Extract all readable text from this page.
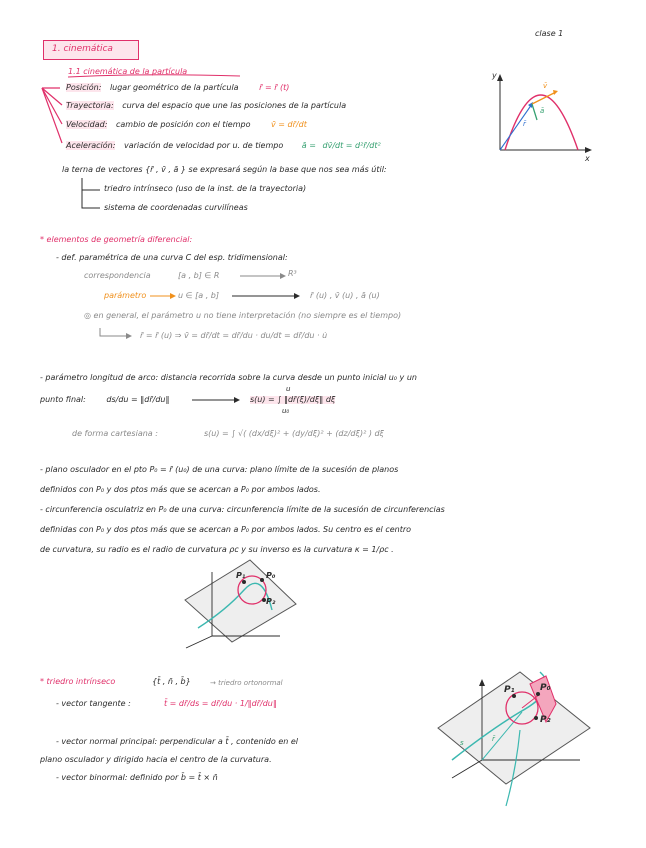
clase 1
1. cinemática
1.1 cinemática de la partícula
Posición: lugar geométrico de la partícula	r̄ = r̄ (t)
Trayectoria: curva del espacio que une las posiciones de la partícula
Velocidad: cambio de posición con el tiempo	v̄ = dr̄/dt
Aceleración: variación de velocidad por u. de tiempo ā = dv̄/dt = d²r̄/dt²
y
x
v̄
ā
r̄
la terna de vectores {r̄ , v̄ , ā } se expresará según la base que nos sea más útil:
triedro intrínseco (uso de la inst. de la trayectoria)
sistema de coordenadas curvilíneas
* elementos de geometría diferencial:
- def. paramétrica de una curva C del esp. tridimensional:
correspondencia	[a , b] ∈ R	R³
parámetro	u ∈ [a , b]	r̄ (u) , v̄ (u) , ā (u)
◎ en general, el parámetro u no tiene interpretación (no siempre es el tiempo)
r̄ = r̄ (u) ⇒ v̄ = dr̄/dt = dr̄/du · du/dt = dr̄/du · u̇
- parámetro longitud de arco: distancia recorrida sobre la curva desde un punto inicial u₀ y un
punto final:	ds/du = ‖dr̄/du‖	s(u) = ∫ ‖dr̄(ξ)/dξ‖ dξ
u
u₀
de forma cartesiana :	s(u) = ∫ √( (dx/dξ)² + (dy/dξ)² + (dz/dξ)² ) dξ
- plano osculador en el pto P₀ = r̄ (u₀) de una curva: plano límite de la sucesión de planos
definidos con P₀ y dos ptos más que se acercan a P₀ por ambos lados.
- circunferencia osculatriz en P₀ de una curva: circunferencia límite de la sucesión de circunferencias
definidas con P₀ y dos ptos más que se acercan a P₀ por ambos lados. Su centro es el centro
de curvatura, su radio es el radio de curvatura ρc y su inverso es la curvatura κ = 1/ρc .
P₁	P₀
P₂
* triedro intrínseco	{t̄ , n̄ , b̄}	→ triedro ortonormal
- vector tangente :	t̄ = dr̄/ds = dr̄/du · 1/‖dr̄/du‖
- vector normal principal: perpendicular a t̄ , contenido en el
plano osculador y dirigido hacia el centro de la curvatura.
- vector binormal: definido por b̄ = t̄ × n̄
P₁	P₀
P₂
s	r̄
